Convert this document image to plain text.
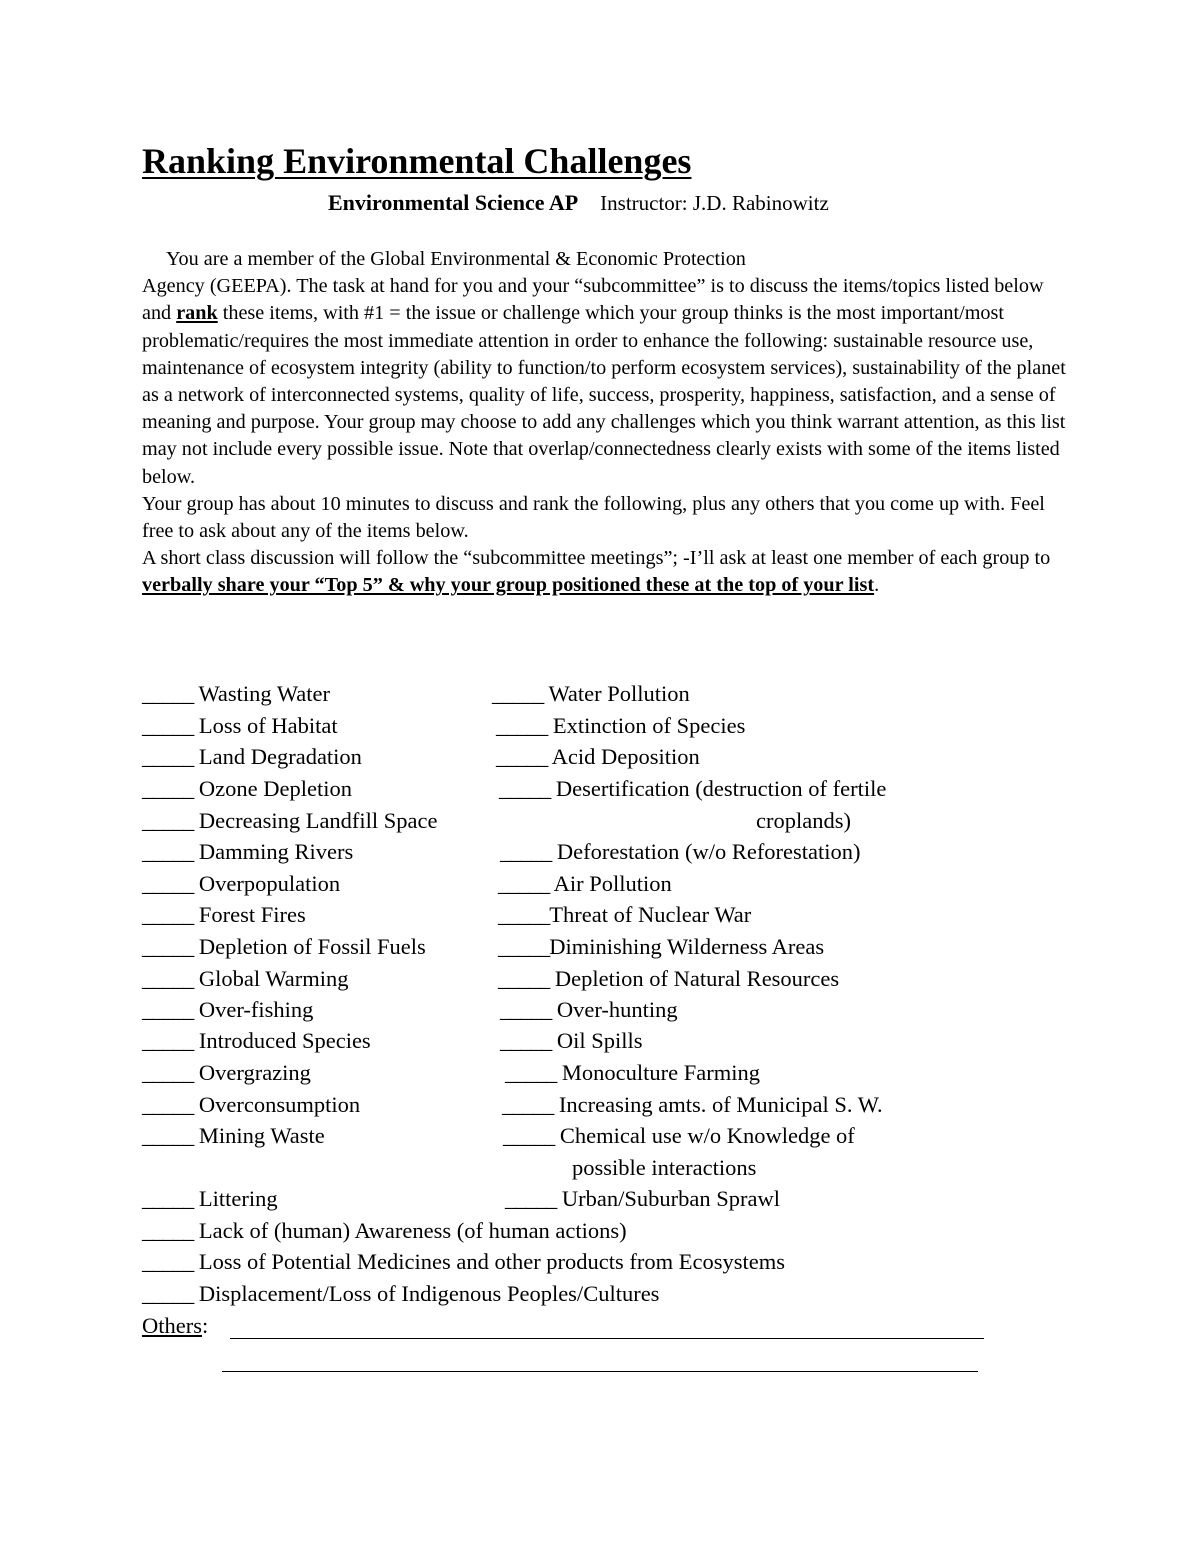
Ranking Environmental Challenges
Environmental Science AP Instructor: J.D. Rabinowitz

You are a member of the Global Environmental & Economic Protection
Agency (GEEPA). The task at hand for you and your “subcommittee” is to discuss the items/topics listed below and rank these items, with #1 = the issue or challenge which your group thinks is the most important/most problematic/requires the most immediate attention in order to enhance the following: sustainable resource use, maintenance of ecosystem integrity (ability to function/to perform ecosystem services), sustainability of the planet as a network of interconnected systems, quality of life, success, prosperity, happiness, satisfaction, and a sense of meaning and purpose. Your group may choose to add any challenges which you think warrant attention, as this list may not include every possible issue. Note that overlap/connectedness clearly exists with some of the items listed below.

Your group has about 10 minutes to discuss and rank the following, plus any others that you come up with. Feel free to ask about any of the items below.

A short class discussion will follow the “subcommittee meetings”; -I’ll ask at least one member of each group to verbally share your “Top 5” & why your group positioned these at the top of your list.

_____ Wasting Water
_____ Loss of Habitat
_____ Land Degradation
_____ Ozone Depletion
_____ Decreasing Landfill Space
_____ Damming Rivers
_____ Overpopulation
_____ Forest Fires
_____ Depletion of Fossil Fuels
_____ Global Warming
_____ Over-fishing
_____ Introduced Species
_____ Overgrazing
_____ Overconsumption
_____ Mining Waste
_____ Littering
_____ Lack of (human) Awareness (of human actions)
_____ Loss of Potential Medicines and other products from Ecosystems
_____ Displacement/Loss of Indigenous Peoples/Cultures
_____ Water Pollution
_____ Extinction of Species
_____ Acid Deposition
_____ Desertification (destruction of fertile
croplands)
_____ Deforestation (w/o Reforestation)
_____ Air Pollution
_____Threat of Nuclear War
_____Diminishing Wilderness Areas
_____ Depletion of Natural Resources
_____ Over-hunting
_____ Oil Spills
_____ Monoculture Farming
_____ Increasing amts. of Municipal S. W.
_____ Chemical use w/o Knowledge of
possible interactions
_____ Urban/Suburban Sprawl
Others:
